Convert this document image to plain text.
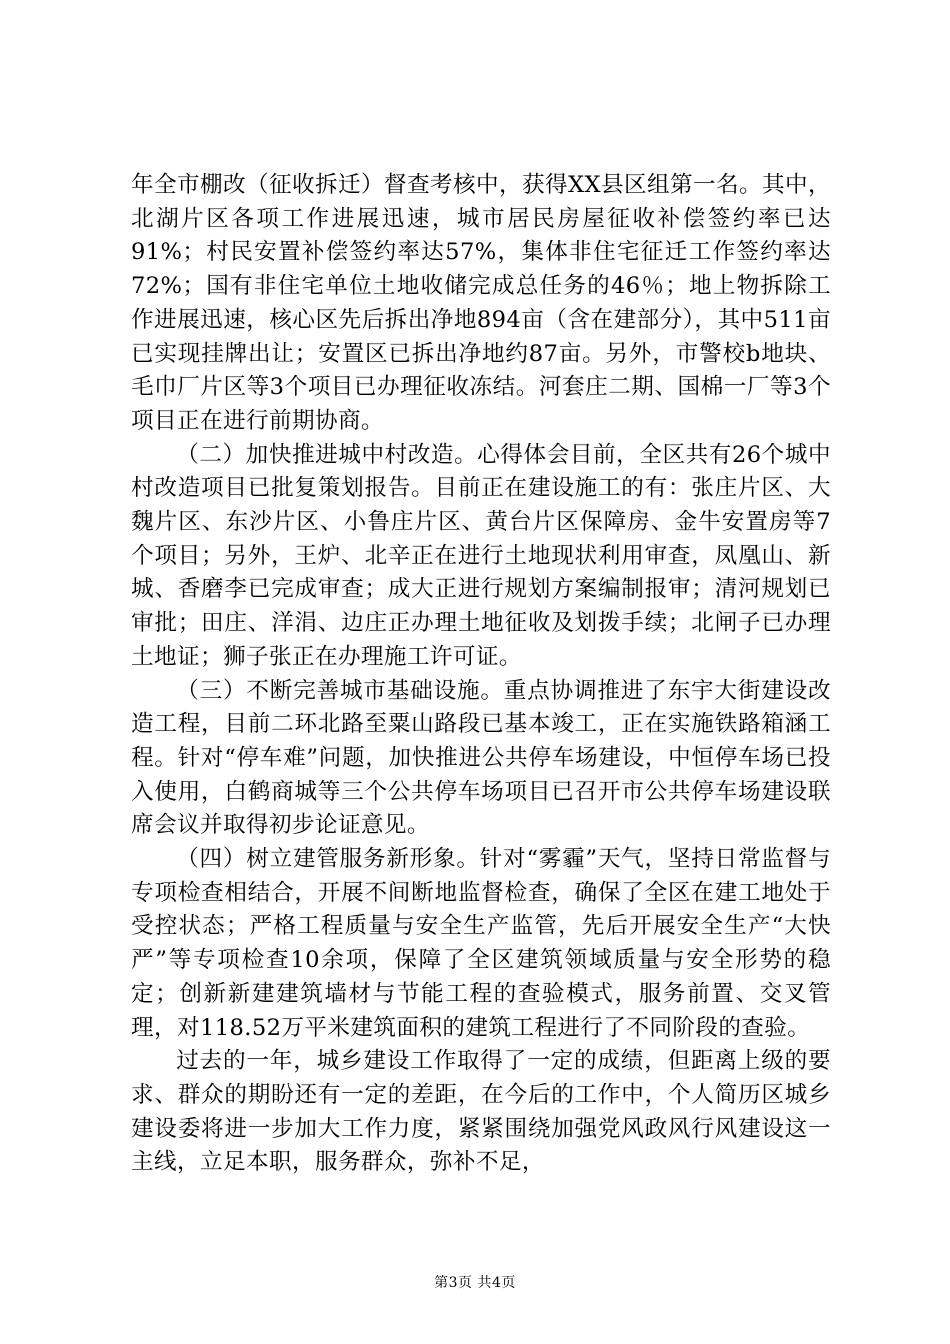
年全市棚改（征收拆迁）督查考核中，获得XX县区组第一名。其中，北湖片区各项工作进展迅速，城市居民房屋征收补偿签约率已达91%；村民安置补偿签约率达57%，集体非住宅征迁工作签约率达72%；国有非住宅单位土地收储完成总任务的46％；地上物拆除工作进展迅速，核心区先后拆出净地894亩（含在建部分），其中511亩已实现挂牌出让；安置区已拆出净地约87亩。另外，市警校b地块、毛巾厂片区等3个项目已办理征收冻结。河套庄二期、国棉一厂等3个项目正在进行前期协商。

（二）加快推进城中村改造。心得体会目前，全区共有26个城中村改造项目已批复策划报告。目前正在建设施工的有：张庄片区、大魏片区、东沙片区、小鲁庄片区、黄台片区保障房、金牛安置房等7个项目；另外，王炉、北辛正在进行土地现状利用审查，凤凰山、新城、香磨李已完成审查；成大正进行规划方案编制报审；清河规划已审批；田庄、洋涓、边庄正办理土地征收及划拨手续；北闸子已办理土地证；狮子张正在办理施工许可证。

（三）不断完善城市基础设施。重点协调推进了东宇大街建设改造工程，目前二环北路至粟山路段已基本竣工，正在实施铁路箱涵工程。针对“停车难”问题，加快推进公共停车场建设，中恒停车场已投入使用，白鹤商城等三个公共停车场项目已召开市公共停车场建设联席会议并取得初步论证意见。

（四）树立建管服务新形象。针对“雾霾”天气，坚持日常监督与专项检查相结合，开展不间断地监督检查，确保了全区在建工地处于受控状态；严格工程质量与安全生产监管，先后开展安全生产“大快严”等专项检查10余项，保障了全区建筑领域质量与安全形势的稳定；创新新建建筑墙材与节能工程的查验模式，服务前置、交叉管理，对118.52万平米建筑面积的建筑工程进行了不同阶段的查验。

过去的一年，城乡建设工作取得了一定的成绩，但距离上级的要求、群众的期盼还有一定的差距，在今后的工作中，个人简历区城乡建设委将进一步加大工作力度，紧紧围绕加强党风政风行风建设这一主线，立足本职，服务群众，弥补不足，

第3页 共4页
